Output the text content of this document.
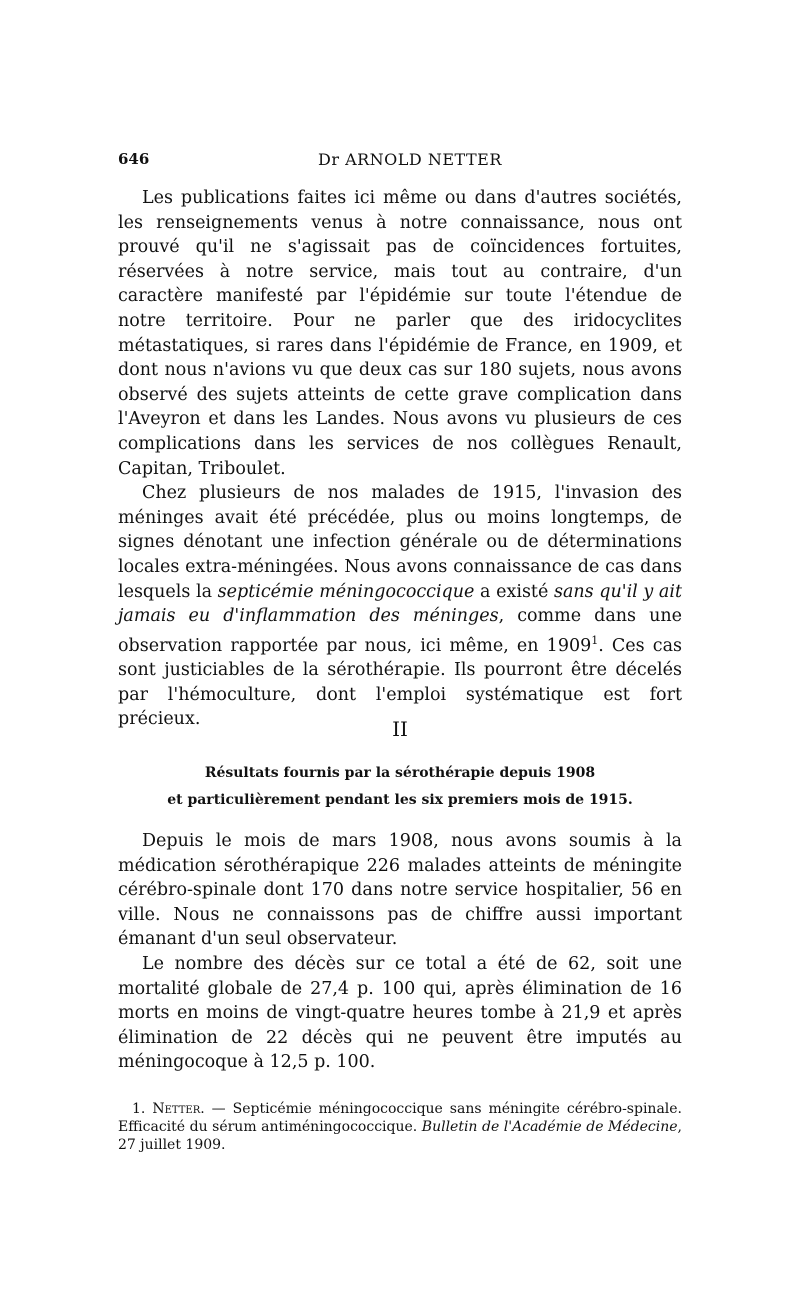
646	Dr ARNOLD NETTER

Les publications faites ici même ou dans d'autres sociétés, les renseignements venus à notre connaissance, nous ont prouvé qu'il ne s'agissait pas de coïncidences fortuites, réservées à notre service, mais tout au contraire, d'un caractère manifesté par l'épidémie sur toute l'étendue de notre territoire. Pour ne parler que des iridocyclites métastatiques, si rares dans l'épidémie de France, en 1909, et dont nous n'avions vu que deux cas sur 180 sujets, nous avons observé des sujets atteints de cette grave complication dans l'Aveyron et dans les Landes. Nous avons vu plusieurs de ces complications dans les services de nos collègues Renault, Capitan, Triboulet.

Chez plusieurs de nos malades de 1915, l'invasion des méninges avait été précédée, plus ou moins longtemps, de signes dénotant une infection générale ou de déterminations locales extra-méningées. Nous avons connaissance de cas dans lesquels la septicémie méningococcique a existé sans qu'il y ait jamais eu d'inflammation des méninges, comme dans une observation rapportée par nous, ici même, en 1909$^1$. Ces cas sont justiciables de la sérothérapie. Ils pourront être décelés par l'hémoculture, dont l'emploi systématique est fort précieux.	II
Résultats fournis par la sérothérapie depuis 1908
et particulièrement pendant les six premiers mois de 1915.

Depuis le mois de mars 1908, nous avons soumis à la médication sérothérapique 226 malades atteints de méningite cérébro-spinale dont 170 dans notre service hospitalier, 56 en ville. Nous ne connaissons pas de chiffre aussi important émanant d'un seul observateur.

Le nombre des décès sur ce total a été de 62, soit une mortalité globale de 27,4 p. 100 qui, après élimination de 16 morts en moins de vingt-quatre heures tombe à 21,9 et après élimination de 22 décès qui ne peuvent être imputés au méningocoque à 12,5 p. 100.

1. Netter. — Septicémie méningococcique sans méningite cérébro-spinale. Efficacité du sérum antiméningococcique. Bulletin de l'Académie de Médecine, 27 juillet 1909.
